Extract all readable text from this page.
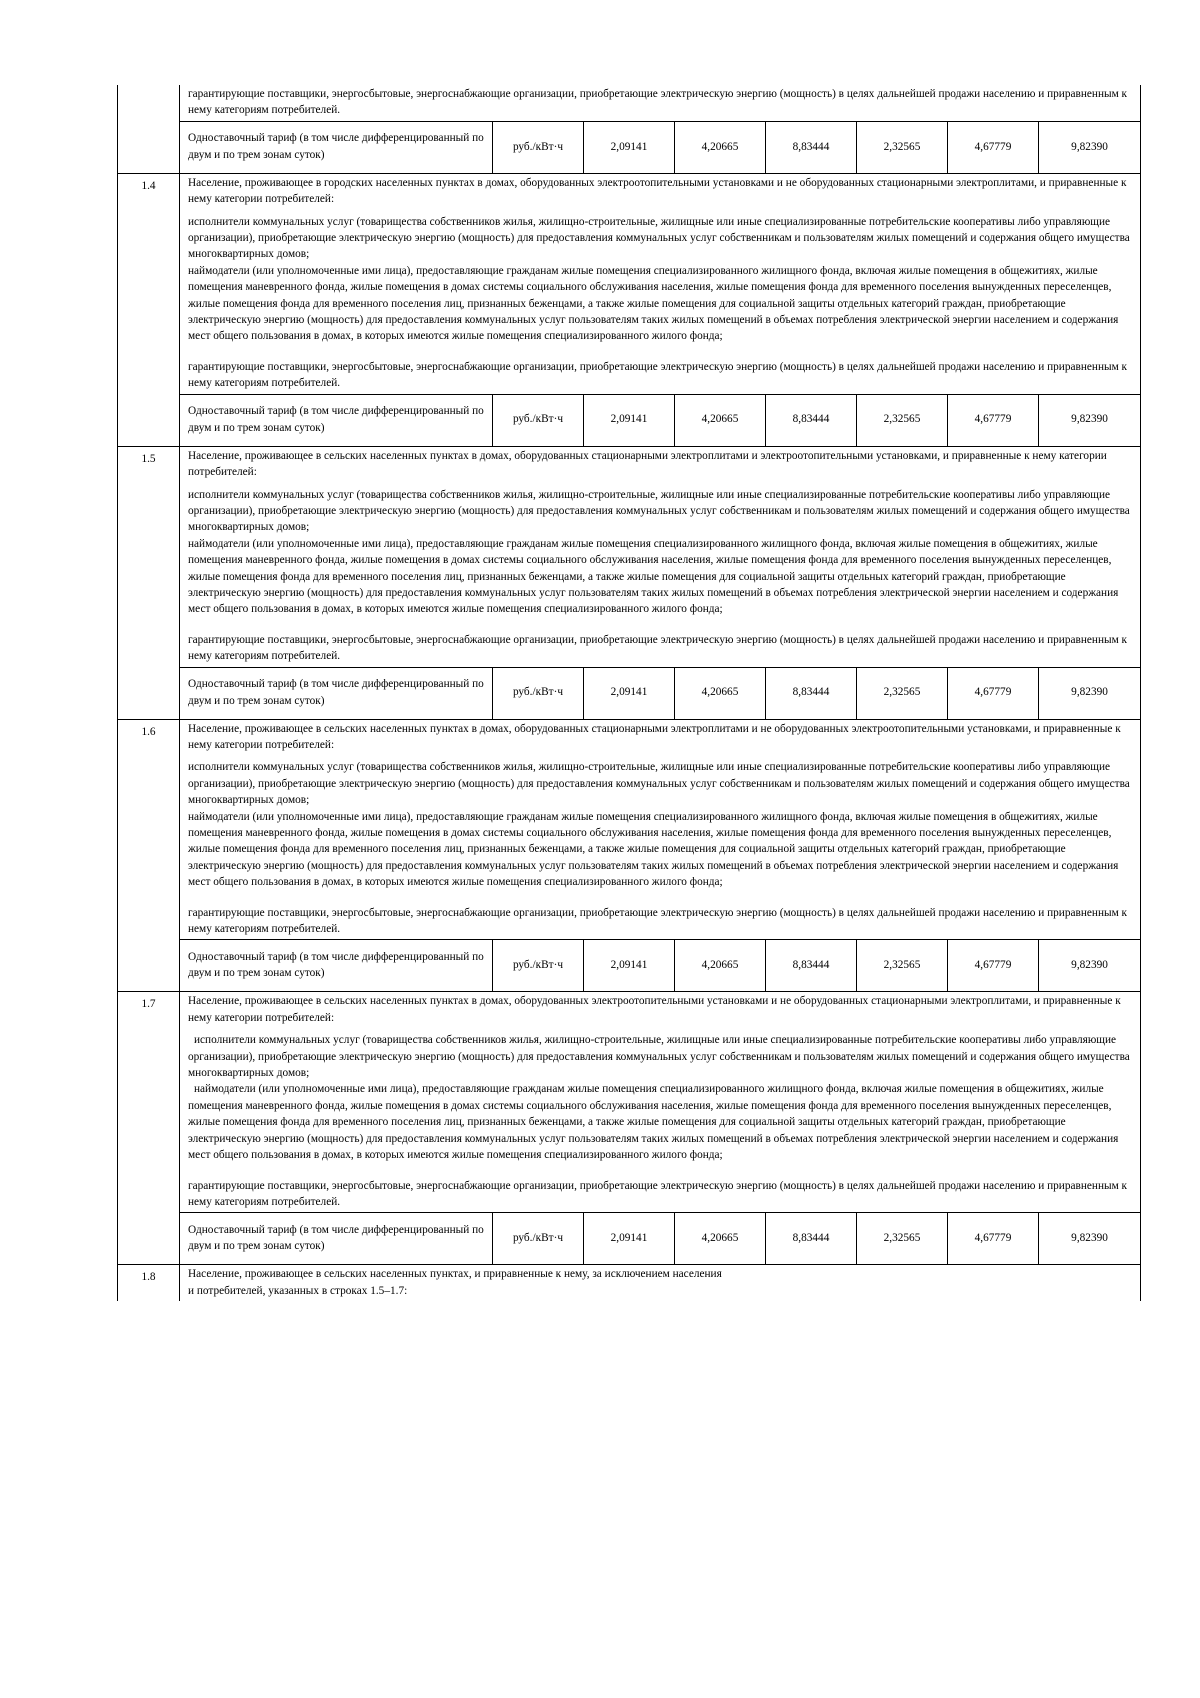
	гарантирующие поставщики, энергосбытовые, энергоснабжающие организации, приобретающие электрическую энергию (мощность) в целях дальнейшей продажи населению и приравненным к нему категориям потребителей.							

	Одноставочный тариф (в том числе дифференцированный по двум и по трем зонам суток)	руб./кВт·ч	2,09141	4,20665	8,83444	2,32565	4,67779	9,82390
1.4	Население, проживающее в городских населенных пунктах в домах, оборудованных электроотопительными установками и не оборудованных стационарными электроплитами, и приравненные к нему категории потребителей:

исполнители коммунальных услуг (товарищества собственников жилья, жилищно-строительные, жилищные или иные специализированные потребительские кооперативы либо управляющие организации), приобретающие электрическую энергию (мощность) для предоставления коммунальных услуг собственникам и пользователям жилых помещений и содержания общего имущества многоквартирных домов;

наймодатели (или уполномоченные ими лица), предоставляющие гражданам жилые помещения специализированного жилищного фонда, включая жилые помещения в общежитиях, жилые помещения маневренного фонда, жилые помещения в домах системы социального обслуживания населения, жилые помещения фонда для временного поселения вынужденных переселенцев, жилые помещения фонда для временного поселения лиц, признанных беженцами, а также жилые помещения для социальной защиты отдельных категорий граждан, приобретающие электрическую энергию (мощность) для предоставления коммунальных услуг пользователям таких жилых помещений в объемах потребления электрической энергии населением и содержания мест общего пользования в домах, в которых имеются жилые помещения специализированного жилого фонда;

гарантирующие поставщики, энергосбытовые, энергоснабжающие организации, приобретающие электрическую энергию (мощность) в целях дальнейшей продажи населению и приравненным к нему категориям потребителей.							

	Одноставочный тариф (в том числе дифференцированный по двум и по трем зонам суток)	руб./кВт·ч	2,09141	4,20665	8,83444	2,32565	4,67779	9,82390
1.5	Население, проживающее в сельских населенных пунктах в домах, оборудованных стационарными электроплитами и электроотопительными установками, и приравненные к нему категории потребителей:

исполнители коммунальных услуг (товарищества собственников жилья, жилищно-строительные, жилищные или иные специализированные потребительские кооперативы либо управляющие организации), приобретающие электрическую энергию (мощность) для предоставления коммунальных услуг собственникам и пользователям жилых помещений и содержания общего имущества многоквартирных домов;

наймодатели (или уполномоченные ими лица), предоставляющие гражданам жилые помещения специализированного жилищного фонда, включая жилые помещения в общежитиях, жилые помещения маневренного фонда, жилые помещения в домах системы социального обслуживания населения, жилые помещения фонда для временного поселения вынужденных переселенцев, жилые помещения фонда для временного поселения лиц, признанных беженцами, а также жилые помещения для социальной защиты отдельных категорий граждан, приобретающие электрическую энергию (мощность) для предоставления коммунальных услуг пользователям таких жилых помещений в объемах потребления электрической энергии населением и содержания мест общего пользования в домах, в которых имеются жилые помещения специализированного жилого фонда;

гарантирующие поставщики, энергосбытовые, энергоснабжающие организации, приобретающие электрическую энергию (мощность) в целях дальнейшей продажи населению и приравненным к нему категориям потребителей.							

	Одноставочный тариф (в том числе дифференцированный по двум и по трем зонам суток)	руб./кВт·ч	2,09141	4,20665	8,83444	2,32565	4,67779	9,82390
1.6	Население, проживающее в сельских населенных пунктах в домах, оборудованных стационарными электроплитами и не оборудованных электроотопительными установками, и приравненные к нему категории потребителей:

исполнители коммунальных услуг (товарищества собственников жилья, жилищно-строительные, жилищные или иные специализированные потребительские кооперативы либо управляющие организации), приобретающие электрическую энергию (мощность) для предоставления коммунальных услуг собственникам и пользователям жилых помещений и содержания общего имущества многоквартирных домов;

наймодатели (или уполномоченные ими лица), предоставляющие гражданам жилые помещения специализированного жилищного фонда, включая жилые помещения в общежитиях, жилые помещения маневренного фонда, жилые помещения в домах системы социального обслуживания населения, жилые помещения фонда для временного поселения вынужденных переселенцев, жилые помещения фонда для временного поселения лиц, признанных беженцами, а также жилые помещения для социальной защиты отдельных категорий граждан, приобретающие электрическую энергию (мощность) для предоставления коммунальных услуг пользователям таких жилых помещений в объемах потребления электрической энергии населением и содержания мест общего пользования в домах, в которых имеются жилые помещения специализированного жилого фонда;

гарантирующие поставщики, энергосбытовые, энергоснабжающие организации, приобретающие электрическую энергию (мощность) в целях дальнейшей продажи населению и приравненным к нему категориям потребителей.							

	Одноставочный тариф (в том числе дифференцированный по двум и по трем зонам суток)	руб./кВт·ч	2,09141	4,20665	8,83444	2,32565	4,67779	9,82390
1.7	Население, проживающее в сельских населенных пунктах в домах, оборудованных электроотопительными установками и не оборудованных стационарными электроплитами, и приравненные к нему категории потребителей:

исполнители коммунальных услуг (товарищества собственников жилья, жилищно-строительные, жилищные или иные специализированные потребительские кооперативы либо управляющие организации), приобретающие электрическую энергию (мощность) для предоставления коммунальных услуг собственникам и пользователям жилых помещений и содержания общего имущества многоквартирных домов;

наймодатели (или уполномоченные ими лица), предоставляющие гражданам жилые помещения специализированного жилищного фонда, включая жилые помещения в общежитиях, жилые помещения маневренного фонда, жилые помещения в домах системы социального обслуживания населения, жилые помещения фонда для временного поселения вынужденных переселенцев, жилые помещения фонда для временного поселения лиц, признанных беженцами, а также жилые помещения для социальной защиты отдельных категорий граждан, приобретающие электрическую энергию (мощность) для предоставления коммунальных услуг пользователям таких жилых помещений в объемах потребления электрической энергии населением и содержания мест общего пользования в домах, в которых имеются жилые помещения специализированного жилого фонда;

гарантирующие поставщики, энергосбытовые, энергоснабжающие организации, приобретающие электрическую энергию (мощность) в целях дальнейшей продажи населению и приравненным к нему категориям потребителей.							

	Одноставочный тариф (в том числе дифференцированный по двум и по трем зонам суток)	руб./кВт·ч	2,09141	4,20665	8,83444	2,32565	4,67779	9,82390
1.8	Население, проживающее в сельских населенных пунктах, и приравненные к нему, за исключением населения
и потребителей, указанных в строках 1.5–1.7:							
